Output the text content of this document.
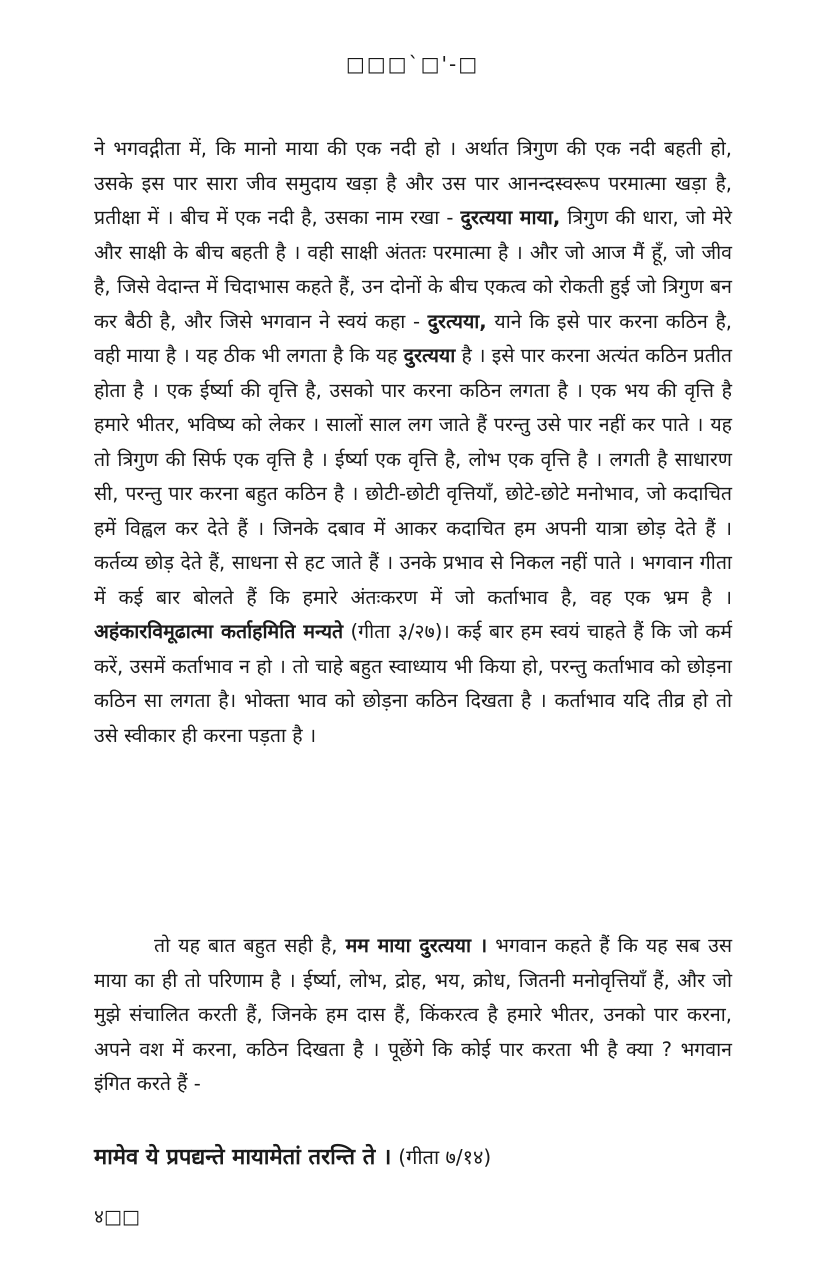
□□□`□'-□

ने भगवद्गीता में, कि मानो माया की एक नदी हो । अर्थात त्रिगुण की एक नदी बहती हो, उसके इस पार सारा जीव समुदाय खड़ा है और उस पार आनन्दस्वरूप परमात्मा खड़ा है, प्रतीक्षा में । बीच में एक नदी है, उसका नाम रखा - दुरत्यया माया, त्रिगुण की धारा, जो मेरे और साक्षी के बीच बहती है । वही साक्षी अंततः परमात्मा है । और जो आज मैं हूँ, जो जीव है, जिसे वेदान्त में चिदाभास कहते हैं, उन दोनों के बीच एकत्व को रोकती हुई जो त्रिगुण बन कर बैठी है, और जिसे भगवान ने स्वयं कहा - दुरत्यया, याने कि इसे पार करना कठिन है, वही माया है । यह ठीक भी लगता है कि यह दुरत्यया है । इसे पार करना अत्यंत कठिन प्रतीत होता है । एक ईर्ष्या की वृत्ति है, उसको पार करना कठिन लगता है । एक भय की वृत्ति है हमारे भीतर, भविष्य को लेकर । सालों साल लग जाते हैं परन्तु उसे पार नहीं कर पाते । यह तो त्रिगुण की सिर्फ एक वृत्ति है । ईर्ष्या एक वृत्ति है, लोभ एक वृत्ति है । लगती है साधारण सी, परन्तु पार करना बहुत कठिन है । छोटी-छोटी वृत्तियाँ, छोटे-छोटे मनोभाव, जो कदाचित हमें विह्वल कर देते हैं । जिनके दबाव में आकर कदाचित हम अपनी यात्रा छोड़ देते हैं । कर्तव्य छोड़ देते हैं, साधना से हट जाते हैं । उनके प्रभाव से निकल नहीं पाते । भगवान गीता में कई बार बोलते हैं कि हमारे अंतःकरण में जो कर्ताभाव है, वह एक भ्रम है । अहंकारविमूढात्मा कर्ताहमिति मन्यते (गीता ३/२७)। कई बार हम स्वयं चाहते हैं कि जो कर्म करें, उसमें कर्ताभाव न हो । तो चाहे बहुत स्वाध्याय भी किया हो, परन्तु कर्ताभाव को छोड़ना कठिन सा लगता है। भोक्ता भाव को छोड़ना कठिन दिखता है । कर्ताभाव यदि तीव्र हो तो उसे स्वीकार ही करना पड़ता है ।

तो यह बात बहुत सही है, मम माया दुरत्यया । भगवान कहते हैं कि यह सब उस माया का ही तो परिणाम है । ईर्ष्या, लोभ, द्रोह, भय, क्रोध, जितनी मनोवृत्तियाँ हैं, और जो मुझे संचालित करती हैं, जिनके हम दास हैं, किंकरत्व है हमारे भीतर, उनको पार करना, अपने वश में करना, कठिन दिखता है । पूछेंगे कि कोई पार करता भी है क्या ? भगवान इंगित करते हैं -

मामेव ये प्रपद्यन्ते मायामेतां तरन्ति ते । (गीता ७/१४)
४□□
